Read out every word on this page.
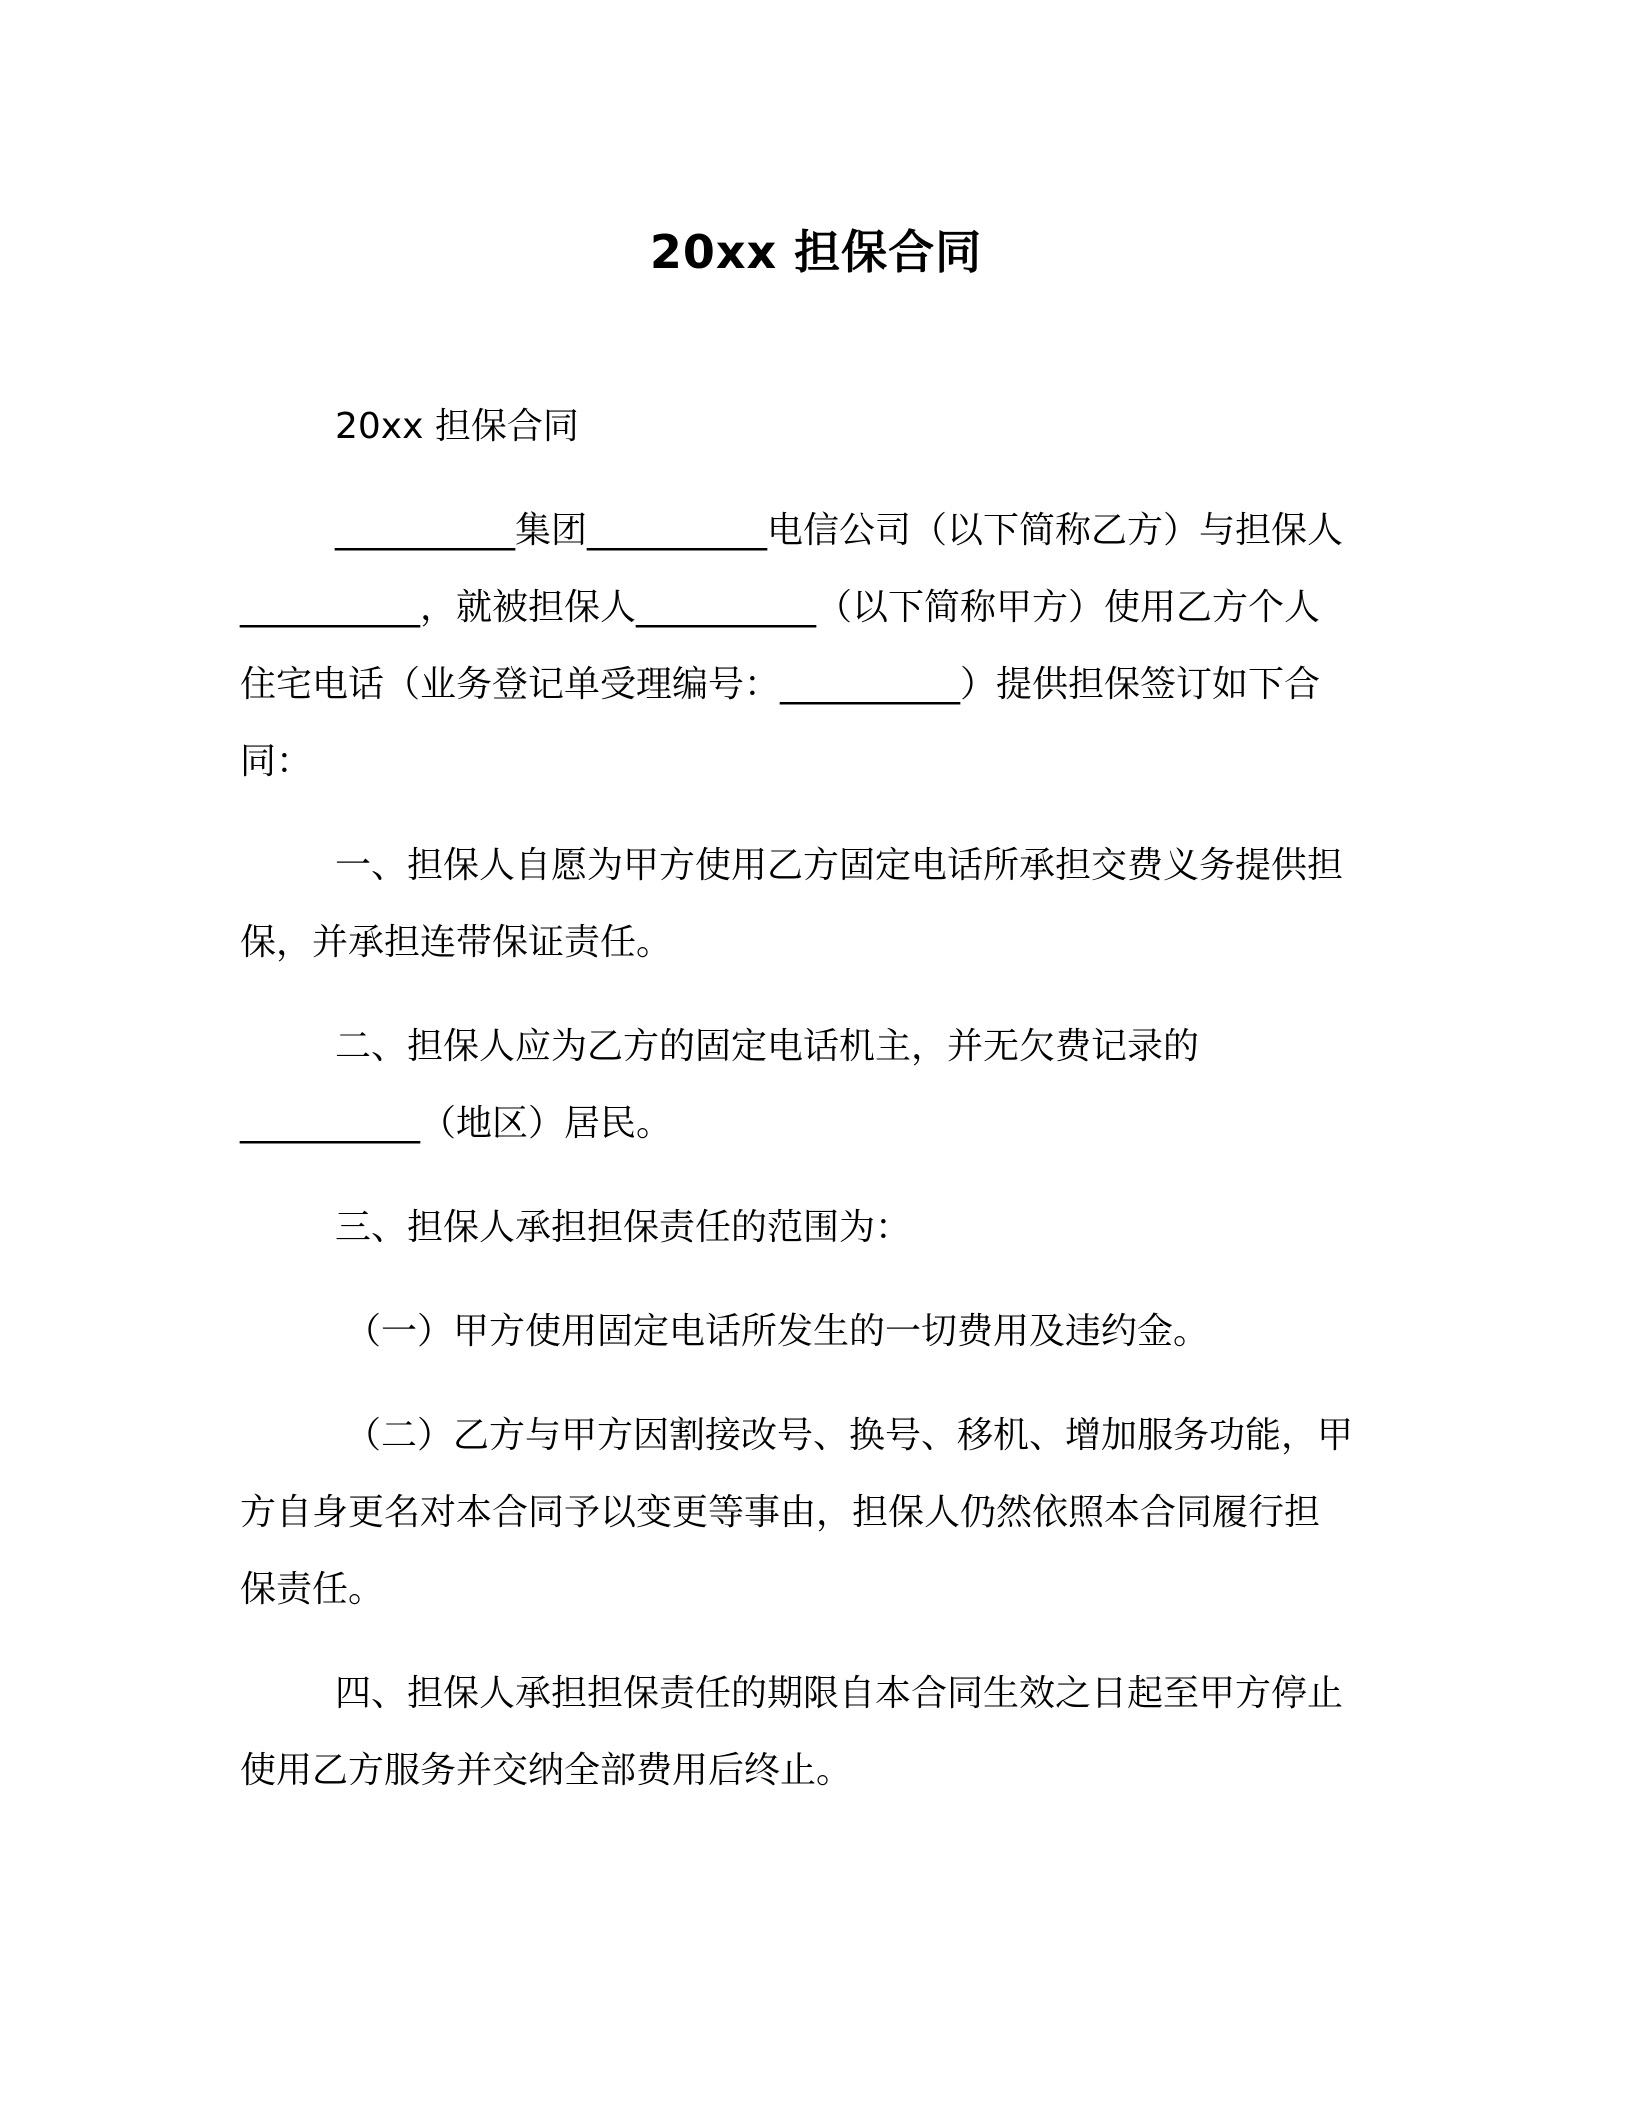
20xx 担保合同

20xx 担保合同

__________集团__________电信公司（以下简称乙方）与担保人

__________，就被担保人__________（以下简称甲方）使用乙方个人

住宅电话（业务登记单受理编号：__________）提供担保签订如下合

同：

一、担保人自愿为甲方使用乙方固定电话所承担交费义务提供担

保，并承担连带保证责任。

二、担保人应为乙方的固定电话机主，并无欠费记录的

__________（地区）居民。

三、担保人承担担保责任的范围为：

（一）甲方使用固定电话所发生的一切费用及违约金。

（二）乙方与甲方因割接改号、换号、移机、增加服务功能，甲

方自身更名对本合同予以变更等事由，担保人仍然依照本合同履行担

保责任。

四、担保人承担担保责任的期限自本合同生效之日起至甲方停止

使用乙方服务并交纳全部费用后终止。
